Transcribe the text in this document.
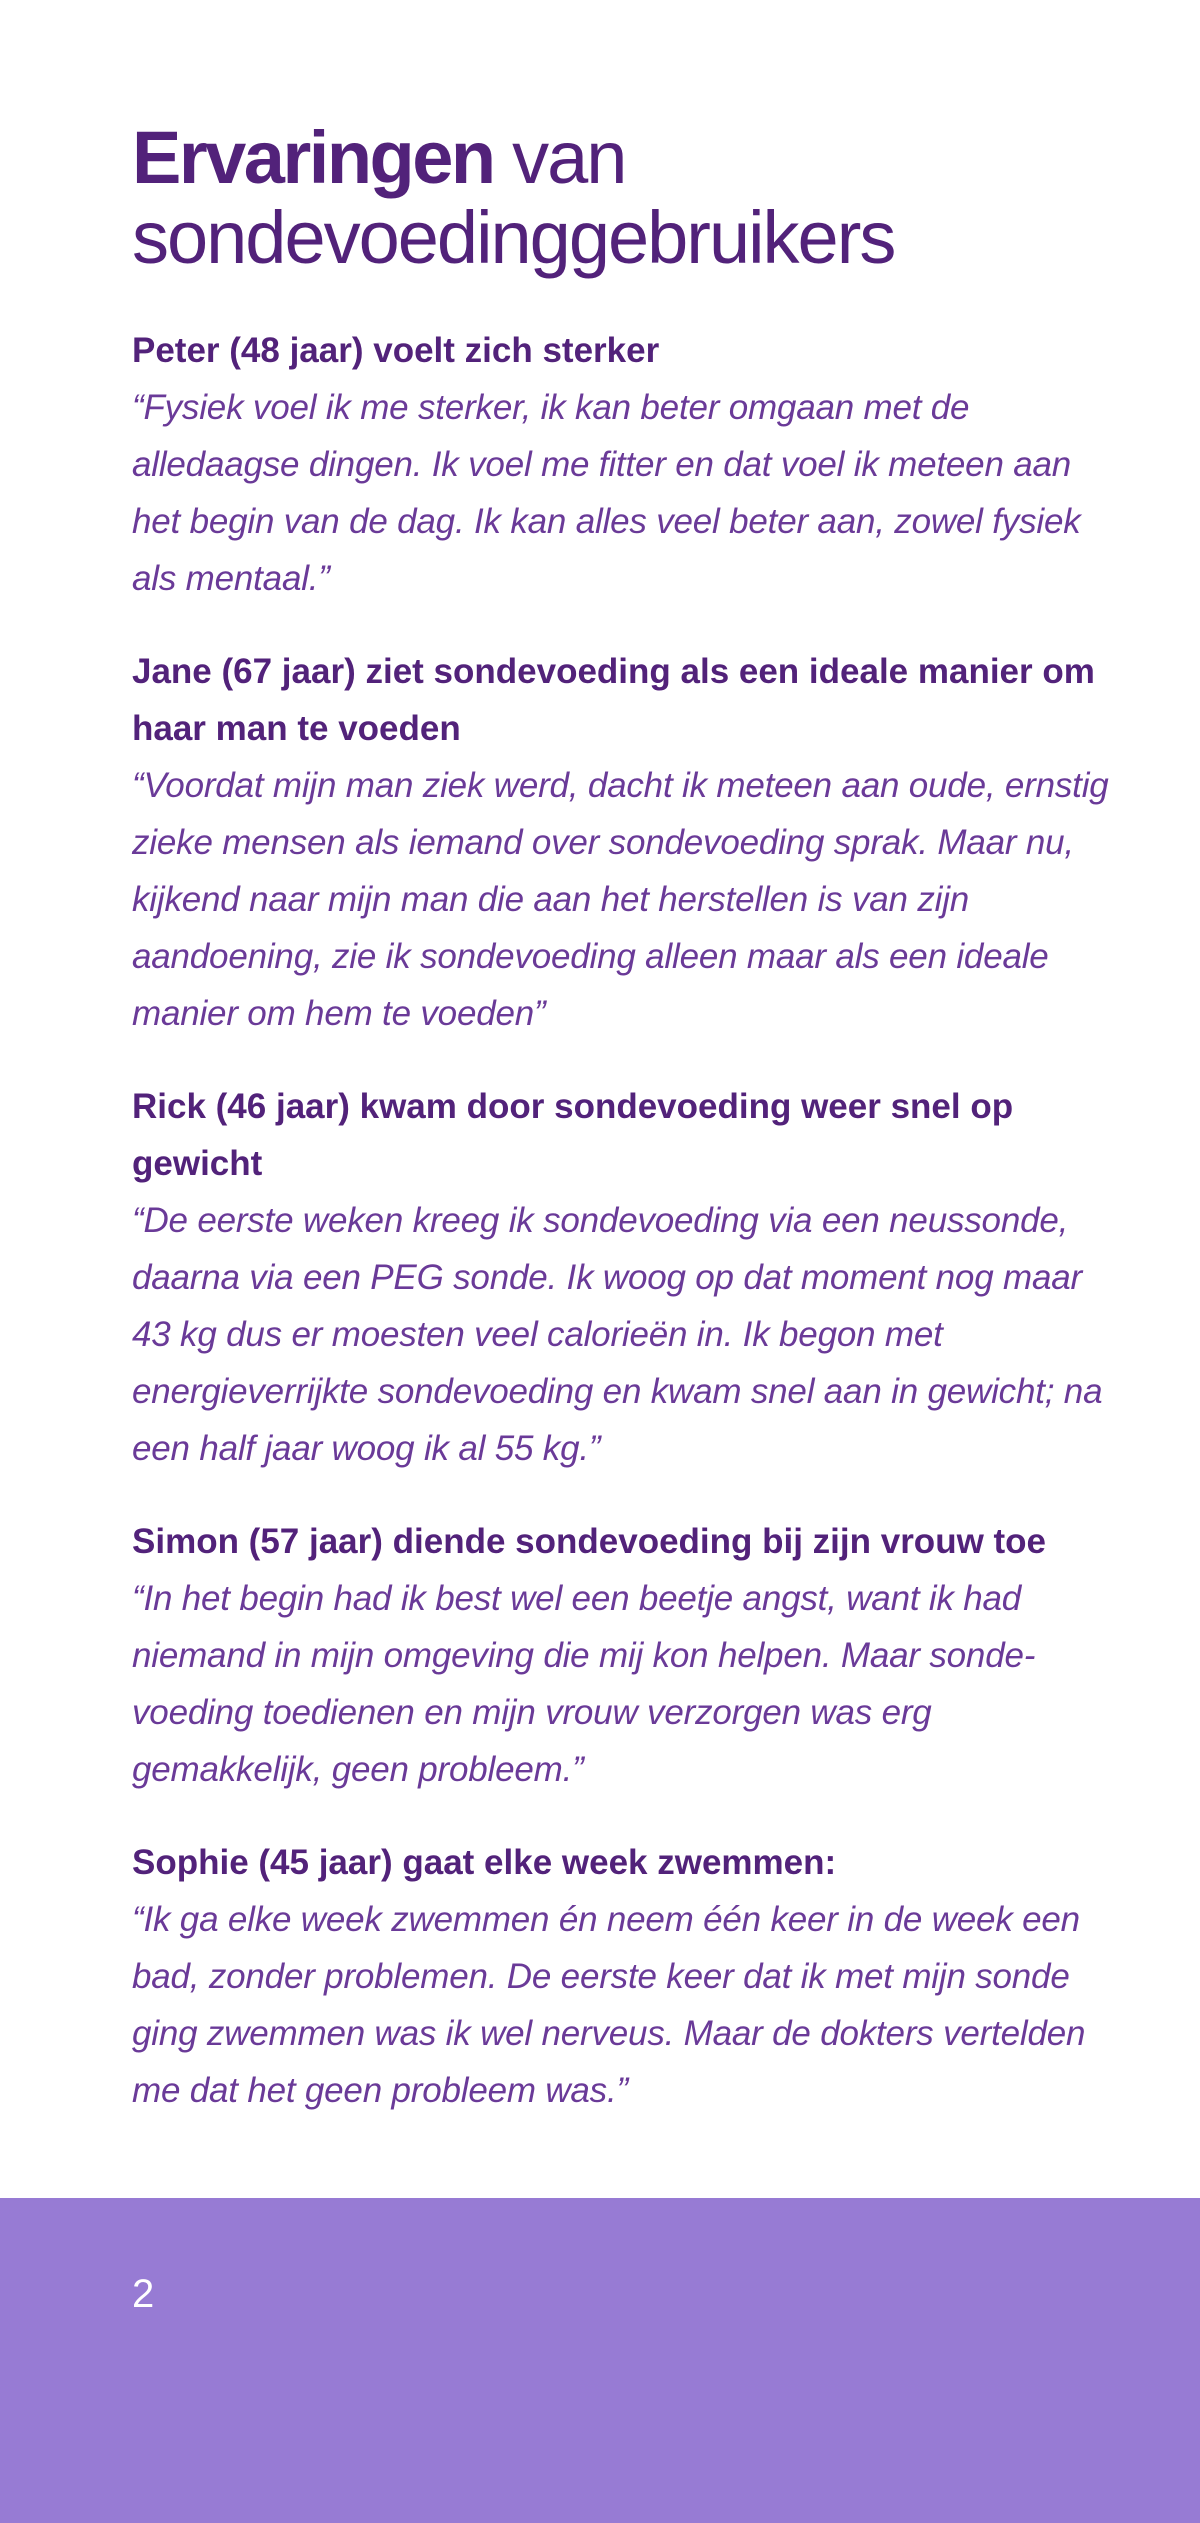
Ervaringen van
sondevoedinggebruikers

Peter (48 jaar) voelt zich sterker

“Fysiek voel ik me sterker, ik kan beter omgaan met de alledaagse dingen. Ik voel me fitter en dat voel ik meteen aan het begin van de dag. Ik kan alles veel beter aan, zowel fysiek als mentaal.”

Jane (67 jaar) ziet sondevoeding als een ideale manier om haar man te voeden

“Voordat mijn man ziek werd, dacht ik meteen aan oude, ernstig zieke mensen als iemand over sondevoeding sprak. Maar nu, kijkend naar mijn man die aan het herstellen is van zijn aandoening, zie ik sondevoeding alleen maar als een ideale manier om hem te voeden”

Rick (46 jaar) kwam door sondevoeding weer snel op gewicht

“De eerste weken kreeg ik sondevoeding via een neussonde, daarna via een PEG sonde. Ik woog op dat moment nog maar 43 kg dus er moesten veel calorieën in. Ik begon met energieverrijkte sondevoeding en kwam snel aan in gewicht; na een half jaar woog ik al 55 kg.”

Simon (57 jaar) diende sondevoeding bij zijn vrouw toe

“In het begin had ik best wel een beetje angst, want ik had niemand in mijn omgeving die mij kon helpen. Maar sonde-voeding toedienen en mijn vrouw verzorgen was erg gemakkelijk, geen probleem.”

Sophie (45 jaar) gaat elke week zwemmen:

“Ik ga elke week zwemmen én neem één keer in de week een bad, zonder problemen. De eerste keer dat ik met mijn sonde ging zwemmen was ik wel nerveus. Maar de dokters vertelden me dat het geen probleem was.”

2
